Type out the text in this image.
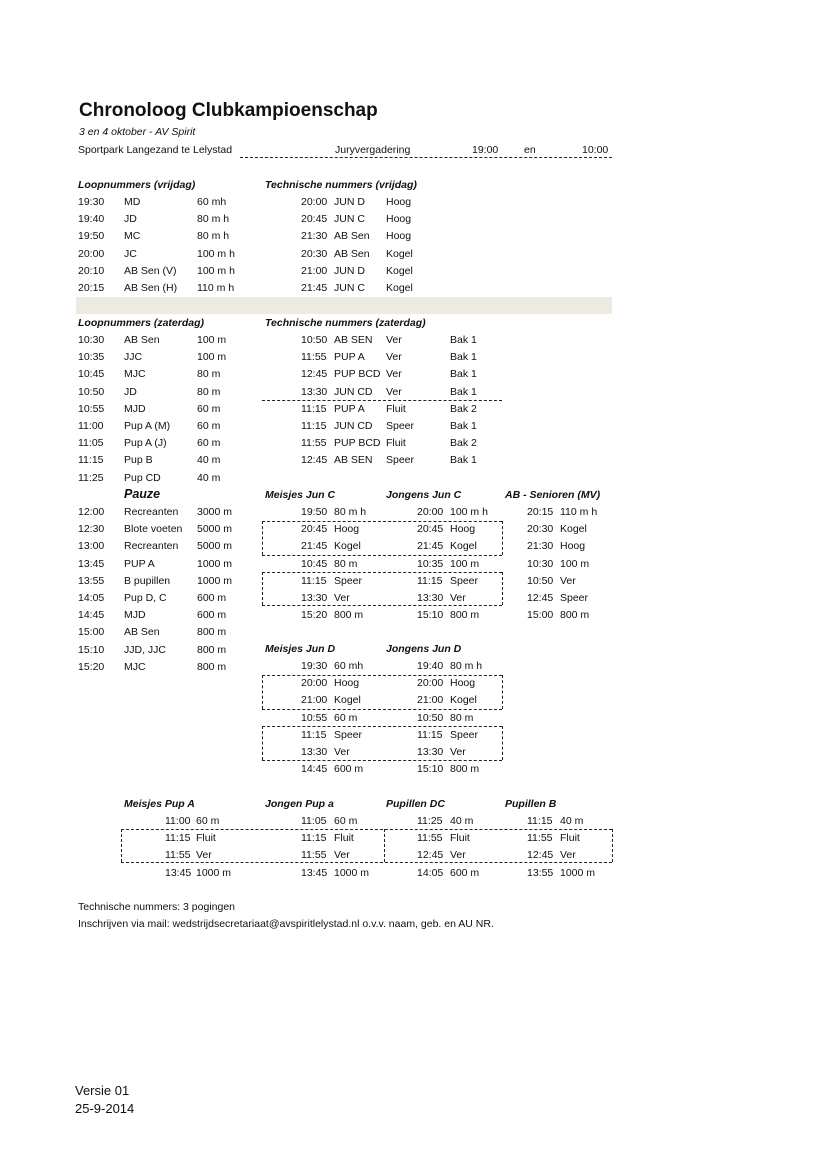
Chronoloog Clubkampioenschap
3 en 4 oktober - AV Spirit
Sportpark Langezand te Lelystad	Juryvergadering	19:00 en	10:00
Loopnummers (vrijdag)	Technische nummers (vrijdag)
19:30 MD	60 mh
19:40 JD	80 m h
19:50 MC	80 m h
20:00 JC	100 m h
20:10 AB Sen (V) 100 m h
20:15 AB Sen (H) 110 m h
20:00 JUN D Hoog
20:45 JUN C Hoog
21:30 AB Sen Hoog
20:30 AB Sen Kogel
21:00 JUN D Kogel
21:45 JUN C Kogel
Loopnummers (zaterdag)	Technische nummers (zaterdag)
10:30 AB Sen	100 m
10:35 JJC	100 m
10:45 MJC	80 m
10:50 JD	80 m
10:55 MJD	60 m
11:00 Pup A (M)	60 m
11:05 Pup A (J)	60 m
11:15 Pup B	40 m
11:25 Pup CD	40 m
10:50 AB SEN Ver	Bak 1
11:55 PUP A Ver	Bak 1
12:45 PUP BCD Ver	Bak 1
13:30 JUN CD Ver	Bak 1
11:15 PUP A Fluit	Bak 2
11:15 JUN CD Speer	Bak 1
11:55 PUP BCD Fluit	Bak 2
12:45 AB SEN Speer	Bak 1
Pauze
12:00 Recreanten 3000 m
12:30 Blote voeten 5000 m
13:00 Recreanten 5000 m
13:45 PUP A	1000 m
13:55 B pupillen	1000 m
14:05 Pup D, C	600 m
14:45 MJD	600 m
15:00 AB Sen	800 m
15:10 JJD, JJC	800 m
15:20 MJC	800 m
Meisjes Jun C	Jongens Jun C	AB - Senioren (MV)
19:50 80 m h	20:00 100 m h	20:15 110 m h
20:45 Hoog	20:45 Hoog	20:30 Kogel
21:45 Kogel	21:45 Kogel	21:30 Hoog
10:45 80 m	10:35 100 m	10:30 100 m
11:15 Speer	11:15 Speer	10:50 Ver
13:30 Ver	13:30 Ver	12:45 Speer
15:20 800 m	15:10 800 m	15:00 800 m
Meisjes Jun D	Jongens Jun D
19:30 60 mh	19:40 80 m h
20:00 Hoog	20:00 Hoog
21:00 Kogel	21:00 Kogel
10:55 60 m	10:50 80 m
11:15 Speer	11:15 Speer
13:30 Ver	13:30 Ver
14:45 600 m	15:10 800 m
Meisjes Pup A	Jongen Pup a	Pupillen DC	Pupillen B
11:00 60 m	11:05 60 m	11:25 40 m	11:15 40 m
11:15 Fluit	11:15 Fluit	11:55 Fluit	11:55 Fluit
11:55 Ver	11:55 Ver	12:45 Ver	12:45 Ver
13:45 1000 m	13:45 1000 m	14:05 600 m	13:55 1000 m
Technische nummers: 3 pogingen
Inschrijven via mail: wedstrijdsecretariaat@avspiritlelystad.nl o.v.v. naam, geb. en AU NR.
Versie 01
25-9-2014
